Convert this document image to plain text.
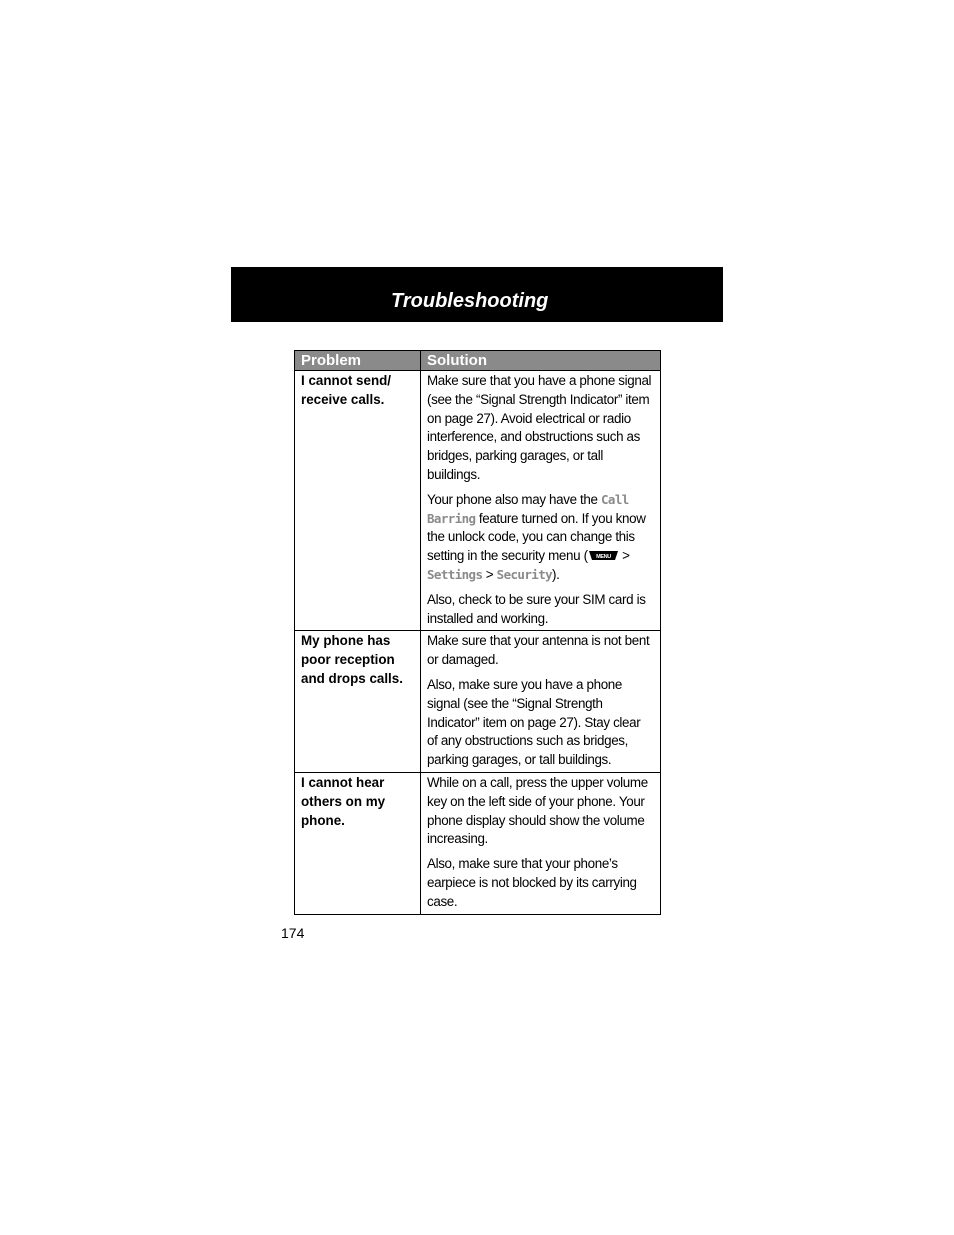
Troubleshooting
Problem	Solution
I cannot send/ receive calls.	Make sure that you have a phone signal (see the “Signal Strength Indicator” item on page 27). Avoid electrical or radio interference, and obstructions such as bridges, parking garages, or tall buildings.

Your phone also may have the Call Barring feature turned on. If you know the unlock code, you can change this setting in the security menu ( MENU > Settings > Security).

Also, check to be sure your SIM card is installed and working.

My phone has poor reception and drops calls.	Make sure that your antenna is not bent or damaged.

Also, make sure you have a phone signal (see the “Signal Strength Indicator” item on page 27). Stay clear of any obstructions such as bridges, parking garages, or tall buildings.

I cannot hear others on my phone.	While on a call, press the upper volume key on the left side of your phone. Your phone display should show the volume increasing.

Also, make sure that your phone’s earpiece is not blocked by its carrying case.

174
